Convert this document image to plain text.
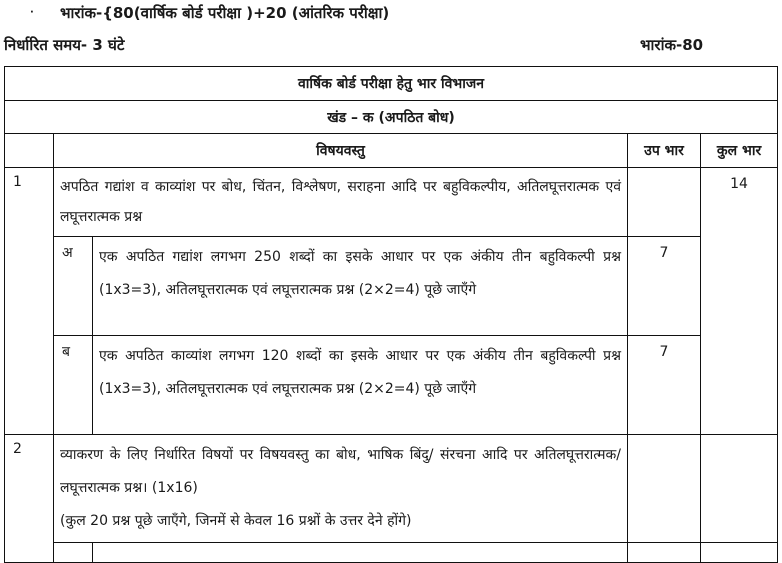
· भारांक-{80(वार्षिक बोर्ड परीक्षा )+20 (आंतरिक परीक्षा)
निर्धारित समय- 3 घंटे	भारांक-80
वार्षिक बोर्ड परीक्षा हेतु भार विभाजन				
खंड – क (अपठित बोध)				
	विषयवस्तु		उप भार	कुल भार
1	अपठित गद्यांश व काव्यांश पर बोध, चिंतन, विश्लेषण, सराहना आदि पर बहुविकल्पीय, अतिलघूत्तरात्मक एवं लघूत्तरात्मक प्रश्न			14
	अ	एक अपठित गद्यांश लगभग 250 शब्दों का इसके आधार पर एक अंकीय तीन बहुविकल्पी प्रश्न (1x3=3), अतिलघूत्तरात्मक एवं लघूत्तरात्मक प्रश्न (2×2=4) पूछे जाएँगे	7	
	ब	एक अपठित काव्यांश लगभग 120 शब्दों का इसके आधार पर एक अंकीय तीन बहुविकल्पी प्रश्न (1x3=3), अतिलघूत्तरात्मक एवं लघूत्तरात्मक प्रश्न (2×2=4) पूछे जाएँगे	7	
2	व्याकरण के लिए निर्धारित विषयों पर विषयवस्तु का बोध, भाषिक बिंदु/ संरचना आदि पर अतिलघूत्तरात्मक/लघूत्तरात्मक प्रश्न। (1x16)
(कुल 20 प्रश्न पूछे जाएँगे, जिनमें से केवल 16 प्रश्नों के उत्तर देने होंगे)			
